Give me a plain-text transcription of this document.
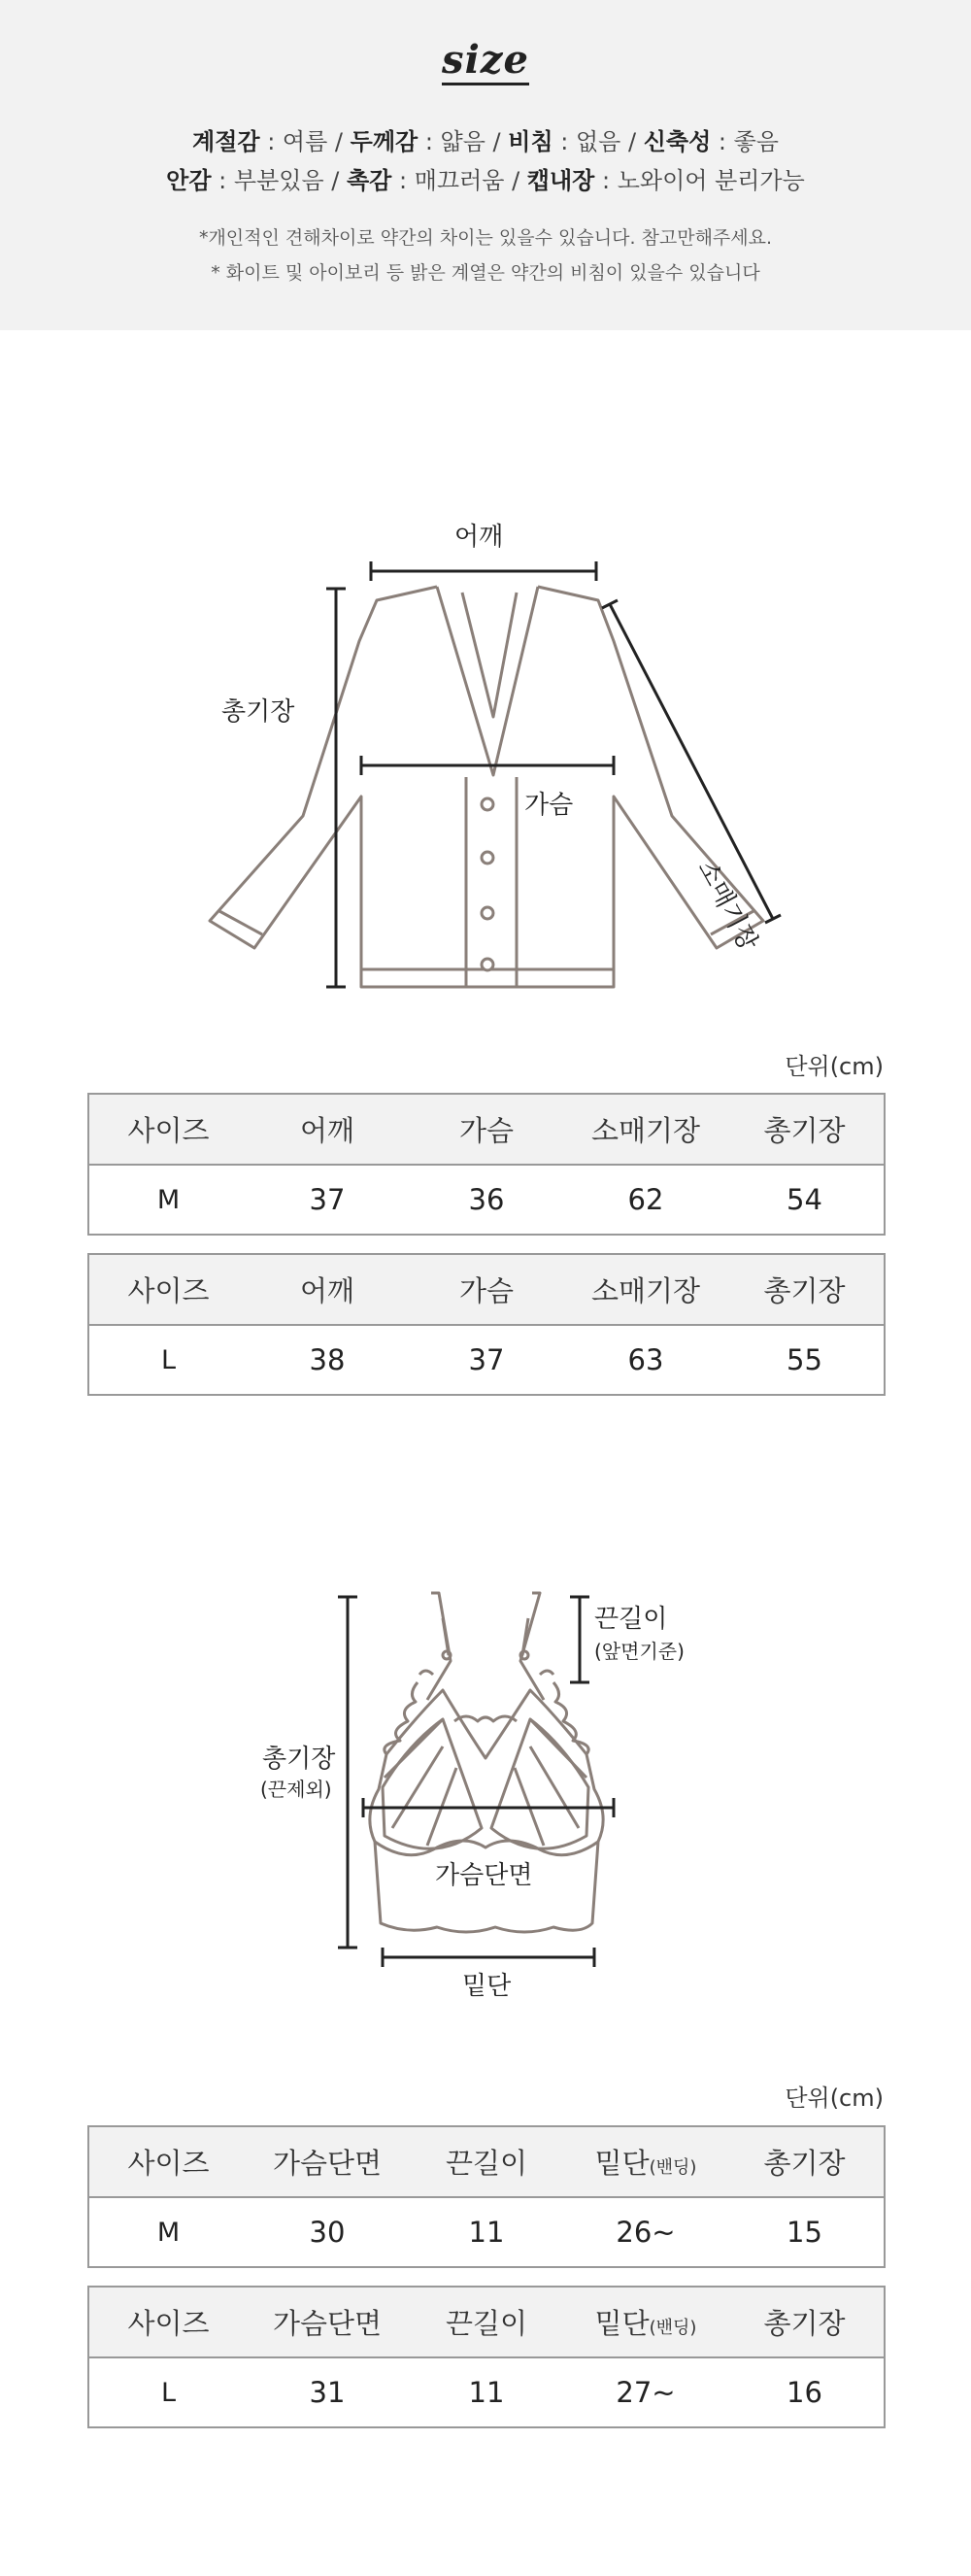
size
계절감 : 여름 / 두께감 : 얇음 / 비침 : 없음 / 신축성 : 좋음
안감 : 부분있음 / 촉감 : 매끄러움 / 캡내장 : 노와이어 분리가능
*개인적인 견해차이로 약간의 차이는 있을수 있습니다. 참고만해주세요.
* 화이트 및 아이보리 등 밝은 계열은 약간의 비침이 있을수 있습니다
어깨
가슴
총기장
소매기장
단위(cm)
사이즈	어깨	가슴	소매기장	총기장
M	37	36	62	54
사이즈	어깨	가슴	소매기장	총기장
L	38	37	63	55
끈길이
(앞면기준)
총기장
(끈제외)
가슴단면
밑단
단위(cm)
사이즈	가슴단면	끈길이	밑단(밴딩)	총기장
M	30	11	26~	15
사이즈	가슴단면	끈길이	밑단(밴딩)	총기장
L	31	11	27~	16
